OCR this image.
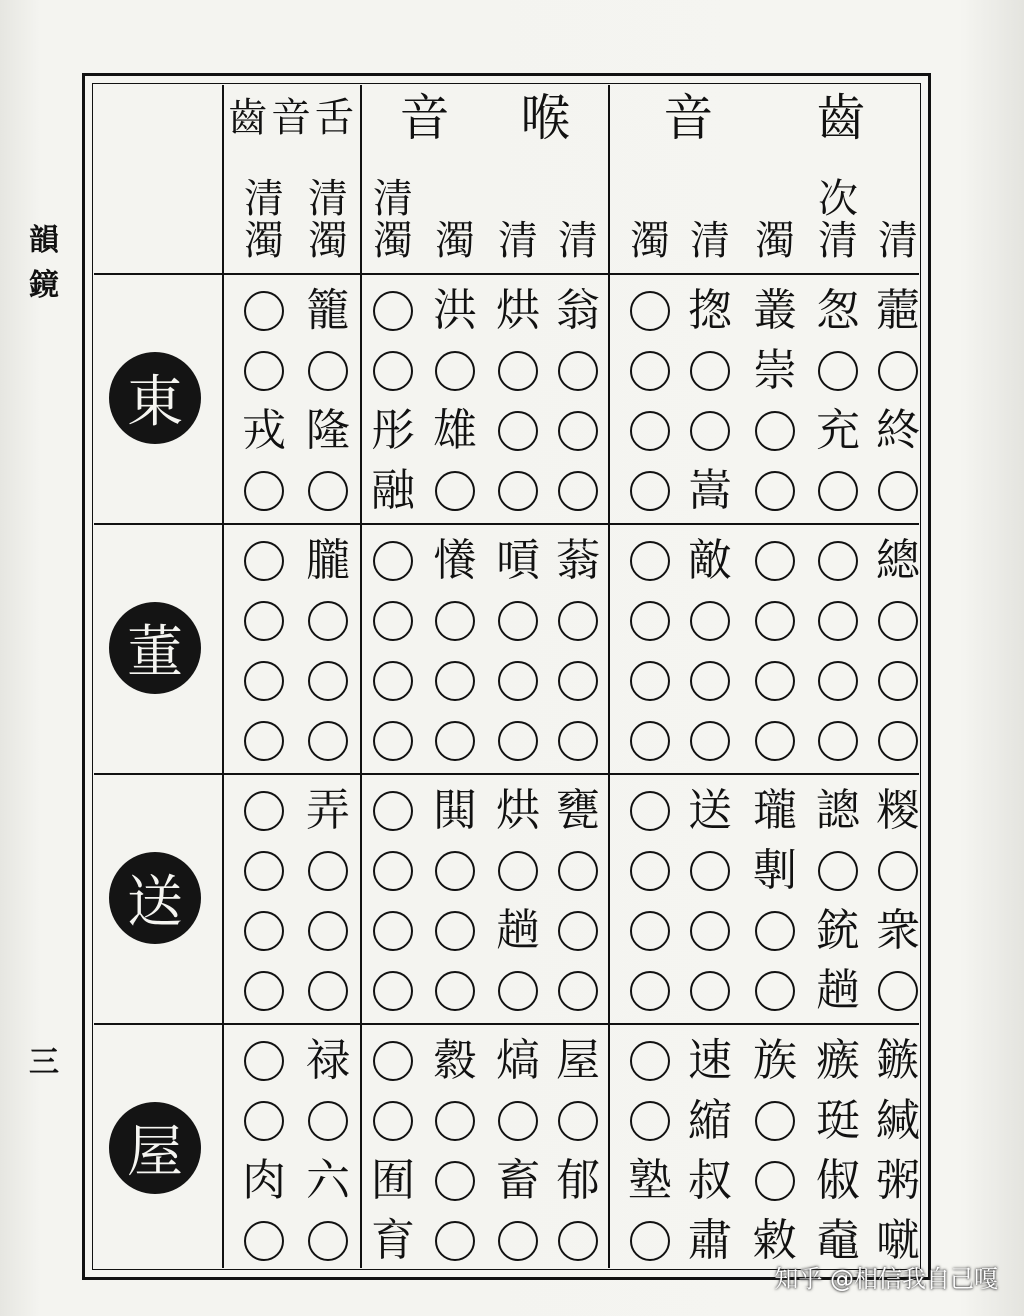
韻
鏡
三
音 齒
音 喉
齒 音 舌
清
次
清
濁
清
濁
清
清
濁
清
濁
清
濁
清
濁
東
董
送
屋
蘎
怱
叢
揔
翁
烘
洪
籠
崇
終
充
雄
彤
隆
戎
嵩
融
總
敵
蓊
嗊
懩
朧
糉
謥
瓏
送
甕
烘
閧
弄
剸
衆
銃
趟
趟
鏃
瘯
族
速
屋
熇
縠
禄
緘
珽
縮
粥
俶
叔
塾
郁
畜
囿
六
肉
噈
鼀
敹
肅
育
知乎 @相信我自己嘎
